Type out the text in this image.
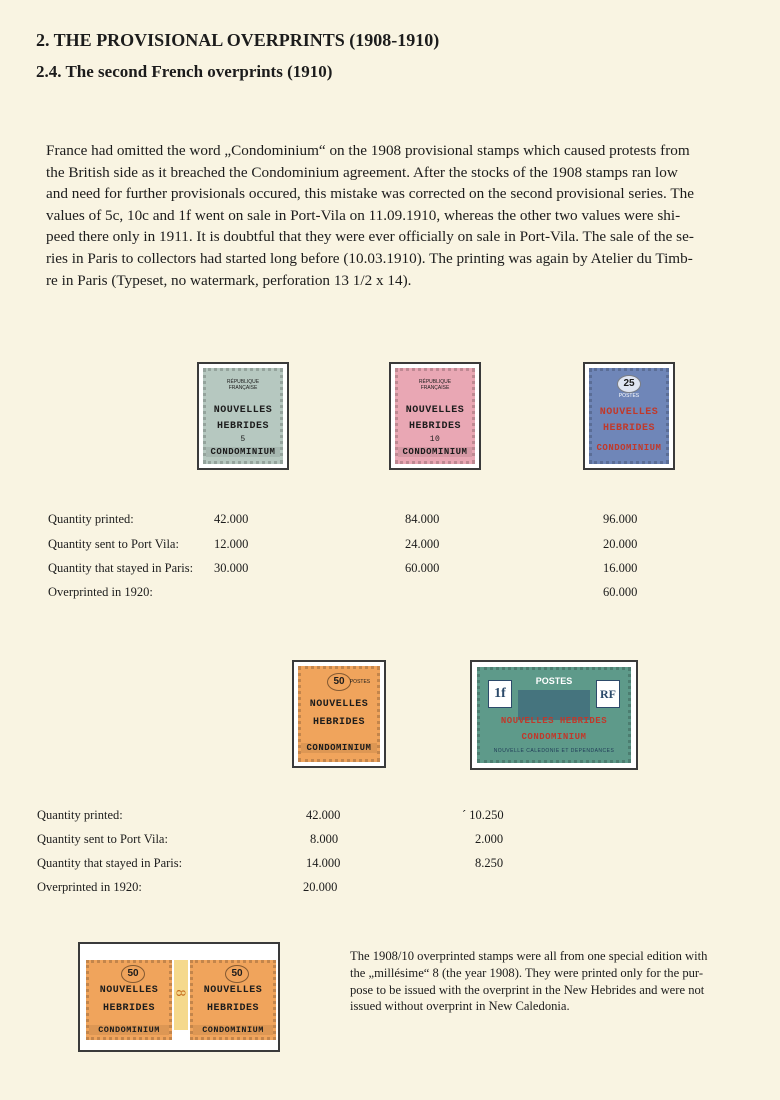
2. THE PROVISIONAL OVERPRINTS (1908-1910)
2.4. The second French overprints (1910)

France had omitted the word „Condominium“ on the 1908 provisional stamps which caused protests from
the British side as it breached the Condominium agreement. After the stocks of the 1908 stamps ran low
and need for further provisionals occured, this mistake was corrected on the second provisional series. The
values of 5c, 10c and 1f went on sale in Port-Vila on 11.09.1910, whereas the other two values were shi-
peed there only in 1911. It is doubtful that they were ever officially on sale in Port-Vila. The sale of the se-
ries in Paris to collectors had started long before (10.03.1910). The printing was again by Atelier du Timb-
re in Paris (Typeset, no watermark, perforation 13 1/2 x 14).

RÉPUBLIQUE FRANÇAISE
NOUVELLES
HEBRIDES
5
CONDOMINIUM
RÉPUBLIQUE FRANÇAISE
NOUVELLES
HEBRIDES
10
CONDOMINIUM
25
POSTES
NOUVELLES
HEBRIDES
CONDOMINIUM
Quantity printed:
Quantity sent to Port Vila:
Quantity that stayed in Paris:
Overprinted in 1920:
42.000
12.000
30.000
84.000
24.000
60.000
96.000
20.000
16.000
60.000
50	POSTES
NOUVELLES
HEBRIDES
CONDOMINIUM
1f	RF
POSTES
NOUVELLES HEBRIDES
CONDOMINIUM
NOUVELLE CALEDONIE ET DEPENDANCES
Quantity printed:
Quantity sent to Port Vila:
Quantity that stayed in Paris:
Overprinted in 1920:
42.000
8.000
14.000
20.000
´ 10.250
2.000
8.250
50
NOUVELLES
HEBRIDES
CONDOMINIUM
8
50
NOUVELLES
HEBRIDES
CONDOMINIUM

The 1908/10 overprinted stamps were all from one special edition with
the „millésime“ 8 (the year 1908). They were printed only for the pur-
pose to be issued with the overprint in the New Hebrides and were not
issued without overprint in New Caledonia.
